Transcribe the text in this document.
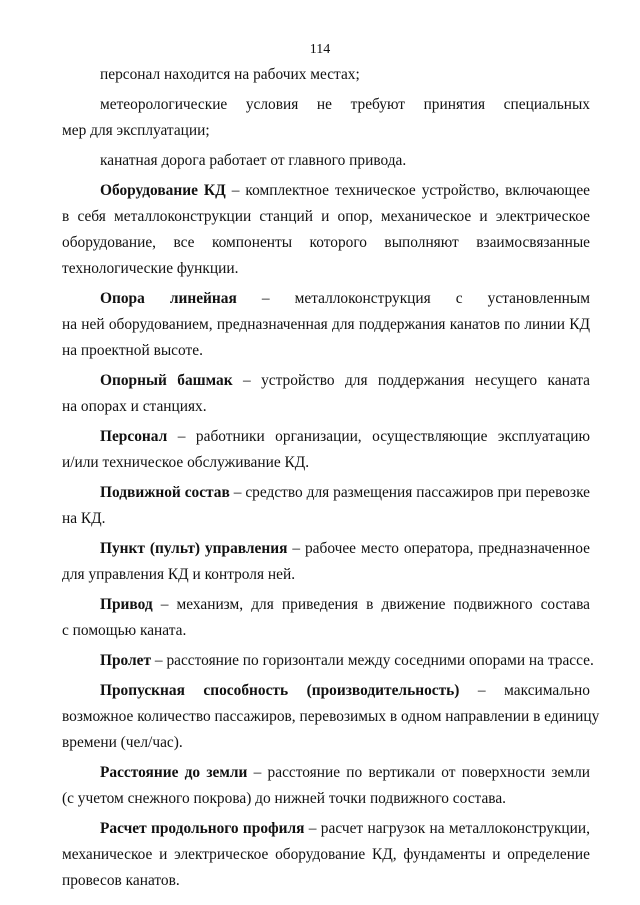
114
персонал находится на рабочих местах;
метеорологические условия не требуют принятия специальных
мер для эксплуатации;
канатная дорога работает от главного привода.
Оборудование КД – комплектное техническое устройство, включающее
в себя металлоконструкции станций и опор, механическое и электрическое
оборудование, все компоненты которого выполняют взаимосвязанные
технологические функции.
Опора линейная – металлоконструкция с установленным
на ней оборудованием, предназначенная для поддержания канатов по линии КД
на проектной высоте.
Опорный башмак – устройство для поддержания несущего каната
на опорах и станциях.
Персонал – работники организации, осуществляющие эксплуатацию
и/или техническое обслуживание КД.
Подвижной состав – средство для размещения пассажиров при перевозке
на КД.
Пункт (пульт) управления – рабочее место оператора, предназначенное
для управления КД и контроля ней.
Привод – механизм, для приведения в движение подвижного состава
с помощью каната.
Пролет – расстояние по горизонтали между соседними опорами на трассе.
Пропускная способность (производительность) – максимально
возможное количество пассажиров, перевозимых в одном направлении в единицу
времени (чел/час).
Расстояние до земли – расстояние по вертикали от поверхности земли
(с учетом снежного покрова) до нижней точки подвижного состава.
Расчет продольного профиля – расчет нагрузок на металлоконструкции,
механическое и электрическое оборудование КД, фундаменты и определение
провесов канатов.
